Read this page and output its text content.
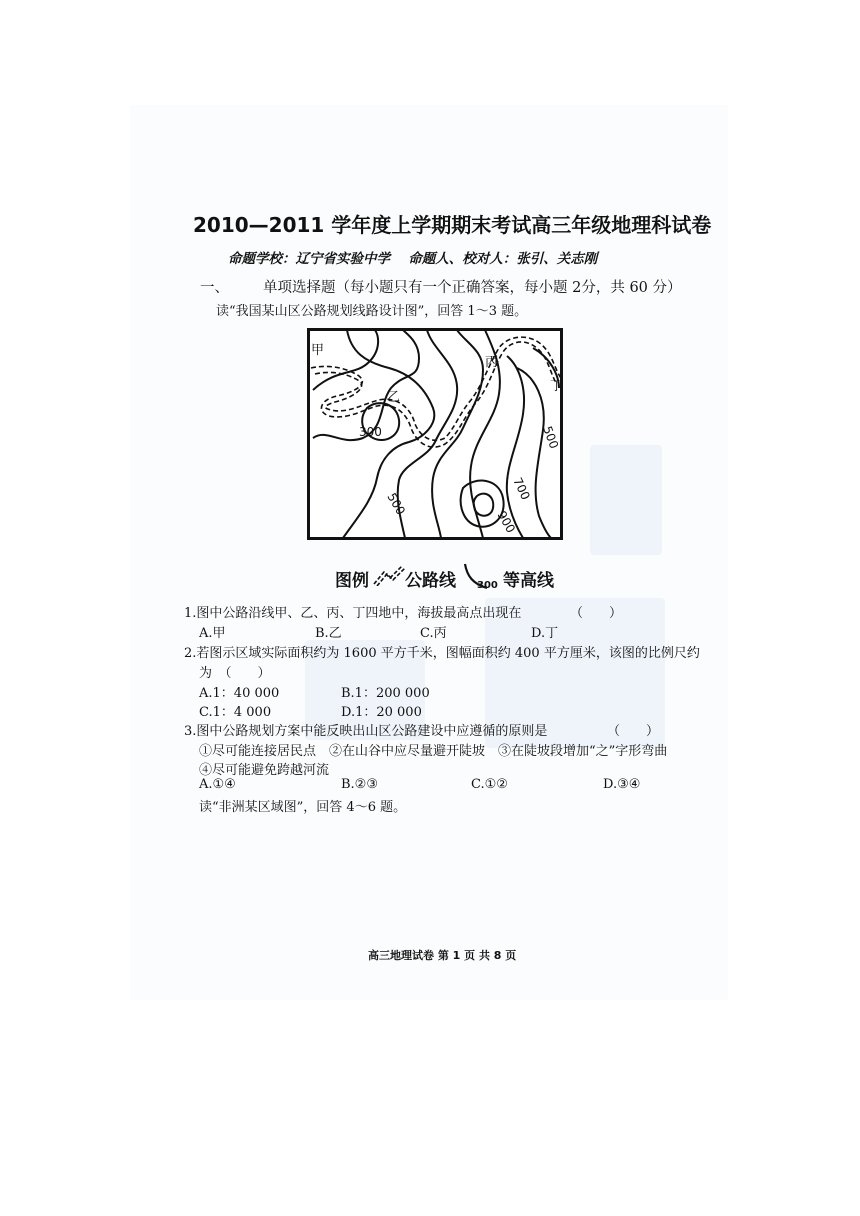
2010—2011 学年度上学期期末考试高三年级地理科试卷
命题学校：辽宁省实验中学　 命题人、校对人：张引、关志刚
一、 单项选择题（每小题只有一个正确答案，每小题 2分，共 60 分）
读“我国某山区公路规划线路设计图”，回答 1～3 题。
甲
乙
丙
丁
300
500
500
700
900
图例 公路线 300 等高线
1.图中公路沿线甲、乙、丙、丁四地中，海拔最高点出现在	（　　）
A.甲	B.乙	C.丙	D.丁
2.若图示区域实际面积约为 1600 平方千米，图幅面积约 400 平方厘米，该图的比例尺约
为　（　　）
A.1：40 000	B.1：200 000
C.1：4 000	D.1：20 000
3.图中公路规划方案中能反映出山区公路建设中应遵循的原则是	（　　）
①尽可能连接居民点　②在山谷中应尽量避开陡坡　③在陡坡段增加“之”字形弯曲
④尽可能避免跨越河流
A.①④	B.②③	C.①②	D.③④
读“非洲某区域图”，回答 4～6 题。
高三地理试卷 第 1 页 共 8 页
